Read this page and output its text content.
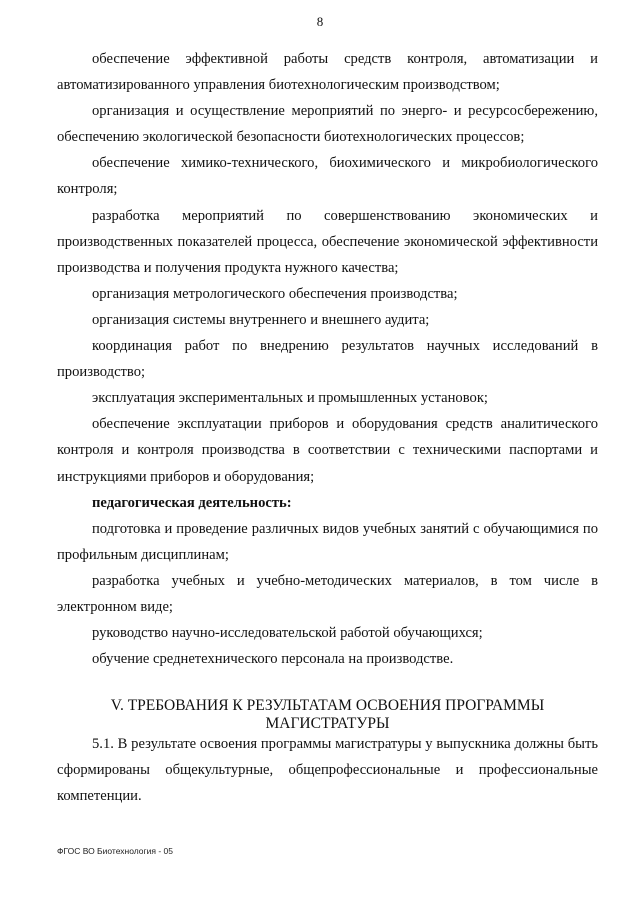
8

обеспечение эффективной работы средств контроля, автоматизации и автоматизированного управления биотехнологическим производством;

организация и осуществление мероприятий по энерго- и ресурсосбережению, обеспечению экологической безопасности биотехнологических процессов;

обеспечение химико-технического, биохимического и микробиологического контроля;

разработка мероприятий по совершенствованию экономических и производственных показателей процесса, обеспечение экономической эффективности производства и получения продукта нужного качества;

организация метрологического обеспечения производства;

организация системы внутреннего и внешнего аудита;

координация работ по внедрению результатов научных исследований в производство;

эксплуатация экспериментальных и промышленных установок;

обеспечение эксплуатации приборов и оборудования средств аналитического контроля и контроля производства в соответствии с техническими паспортами и инструкциями приборов и оборудования;

педагогическая деятельность:

подготовка и проведение различных видов учебных занятий с обучающимися по профильным дисциплинам;

разработка учебных и учебно-методических материалов, в том числе в электронном виде;

руководство научно-исследовательской работой обучающихся;

обучение среднетехнического персонала на производстве.

V. ТРЕБОВАНИЯ К РЕЗУЛЬТАТАМ ОСВОЕНИЯ ПРОГРАММЫ
МАГИСТРАТУРЫ

5.1. В результате освоения программы магистратуры у выпускника должны быть сформированы общекультурные, общепрофессиональные и профессиональные компетенции.

ФГОС ВО Биотехнология - 05
